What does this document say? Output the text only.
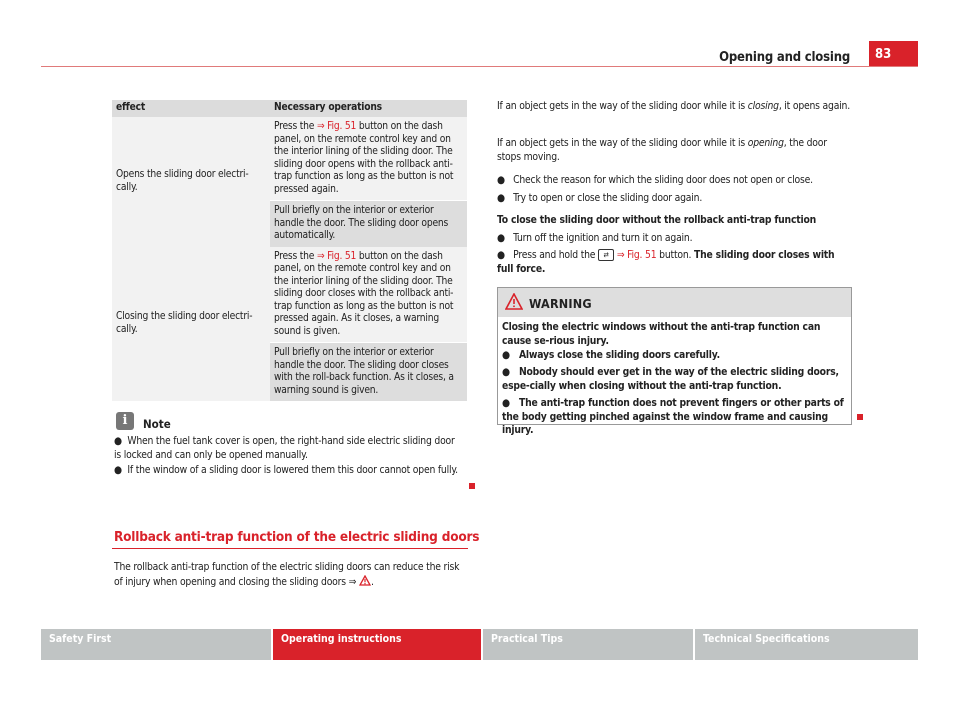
Opening and closing	83
effect	Necessary operations
Opens the sliding door electri-cally.	Press the ⇒ Fig. 51 button on the dash panel, on the remote control key and on the interior lining of the sliding door. The sliding door opens with the rollback anti-trap function as long as the button is not pressed again.
	Pull briefly on the interior or exterior handle the door. The sliding door opens automatically.
Closing the sliding door electri-cally.	Press the ⇒ Fig. 51 button on the dash panel, on the remote control key and on the interior lining of the sliding door. The sliding door closes with the rollback anti-trap function as long as the button is not pressed again. As it closes, a warning sound is given.
	Pull briefly on the interior or exterior handle the door. The sliding door closes with the roll-back function. As it closes, a warning sound is given.
i	Note
●  When the fuel tank cover is open, the right-hand side electric sliding door is locked and can only be opened manually.
●  If the window of a sliding door is lowered them this door cannot open fully.
Rollback anti-trap function of the electric sliding doors
The rollback anti-trap function of the electric sliding doors can reduce the risk of injury when opening and closing the sliding doors ⇒ .
If an object gets in the way of the sliding door while it is closing, it opens again.
If an object gets in the way of the sliding door while it is opening, the door stops moving.
●   Check the reason for which the sliding door does not open or close.
●   Try to open or close the sliding door again.
To close the sliding door without the rollback anti-trap function
●   Turn off the ignition and turn it on again.
●   Press and hold the ⇄ ⇒ Fig. 51 button. The sliding door closes with full force.
WARNING
Closing the electric windows without the anti-trap function can cause se-rious injury.
●   Always close the sliding doors carefully.
●   Nobody should ever get in the way of the electric sliding doors, espe-cially when closing without the anti-trap function.
●   The anti-trap function does not prevent fingers or other parts of the body getting pinched against the window frame and causing injury.
Safety First	Operating instructions	Practical Tips	Technical Specifications
